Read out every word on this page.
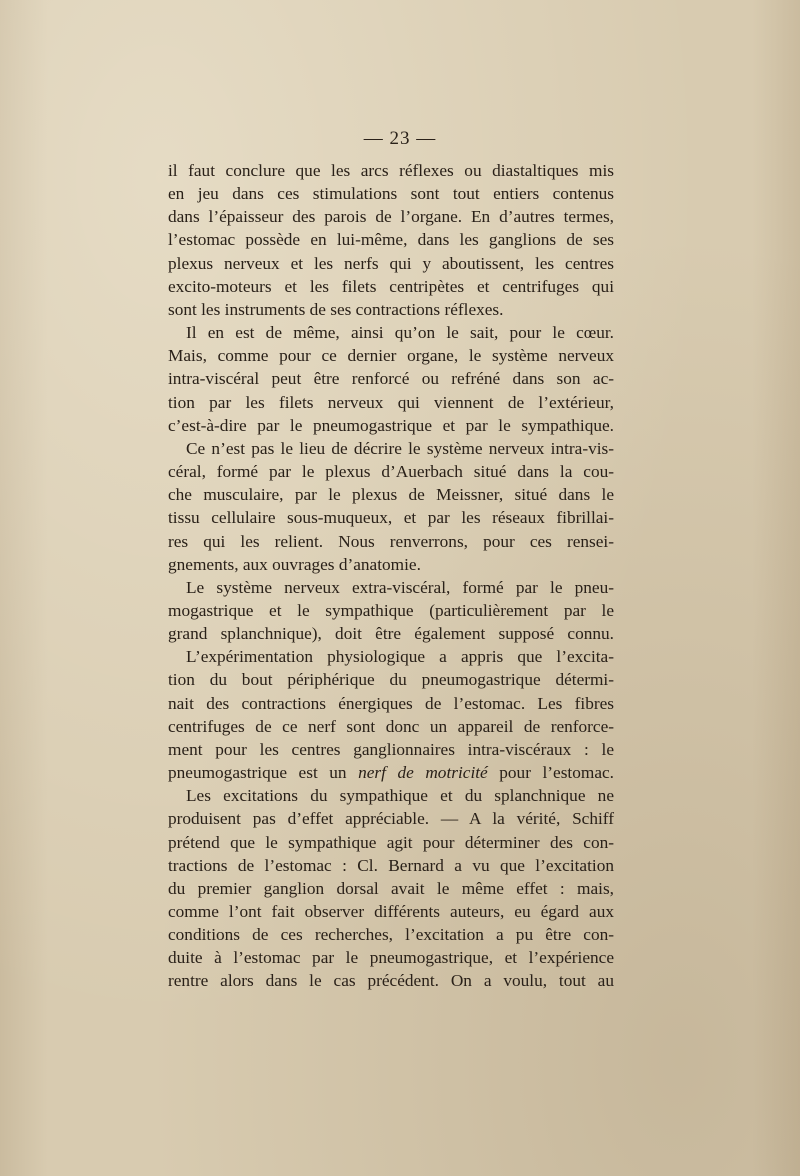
— 23 —
il faut conclure que les arcs réflexes ou diastaltiques mis
en jeu dans ces stimulations sont tout entiers contenus
dans l’épaisseur des parois de l’organe. En d’autres termes,
l’estomac possède en lui-même, dans les ganglions de ses
plexus nerveux et les nerfs qui y aboutissent, les centres
excito-moteurs et les filets centripètes et centrifuges qui
sont les instruments de ses contractions réflexes.
Il en est de même, ainsi qu’on le sait, pour le cœur.
Mais, comme pour ce dernier organe, le système nerveux
intra-viscéral peut être renforcé ou refréné dans son ac-
tion par les filets nerveux qui viennent de l’extérieur,
c’est-à-dire par le pneumogastrique et par le sympathique.
Ce n’est pas le lieu de décrire le système nerveux intra-vis-
céral, formé par le plexus d’Auerbach situé dans la cou-
che musculaire, par le plexus de Meissner, situé dans le
tissu cellulaire sous-muqueux, et par les réseaux fibrillai-
res qui les relient. Nous renverrons, pour ces rensei-
gnements, aux ouvrages d’anatomie.
Le système nerveux extra-viscéral, formé par le pneu-
mogastrique et le sympathique (particulièrement par le
grand splanchnique), doit être également supposé connu.
L’expérimentation physiologique a appris que l’excita-
tion du bout périphérique du pneumogastrique détermi-
nait des contractions énergiques de l’estomac. Les fibres
centrifuges de ce nerf sont donc un appareil de renforce-
ment pour les centres ganglionnaires intra-viscéraux : le
pneumogastrique est un nerf de motricité pour l’estomac.
Les excitations du sympathique et du splanchnique ne
produisent pas d’effet appréciable. — A la vérité, Schiff
prétend que le sympathique agit pour déterminer des con-
tractions de l’estomac : Cl. Bernard a vu que l’excitation
du premier ganglion dorsal avait le même effet : mais,
comme l’ont fait observer différents auteurs, eu égard aux
conditions de ces recherches, l’excitation a pu être con-
duite à l’estomac par le pneumogastrique, et l’expérience
rentre alors dans le cas précédent. On a voulu, tout au
